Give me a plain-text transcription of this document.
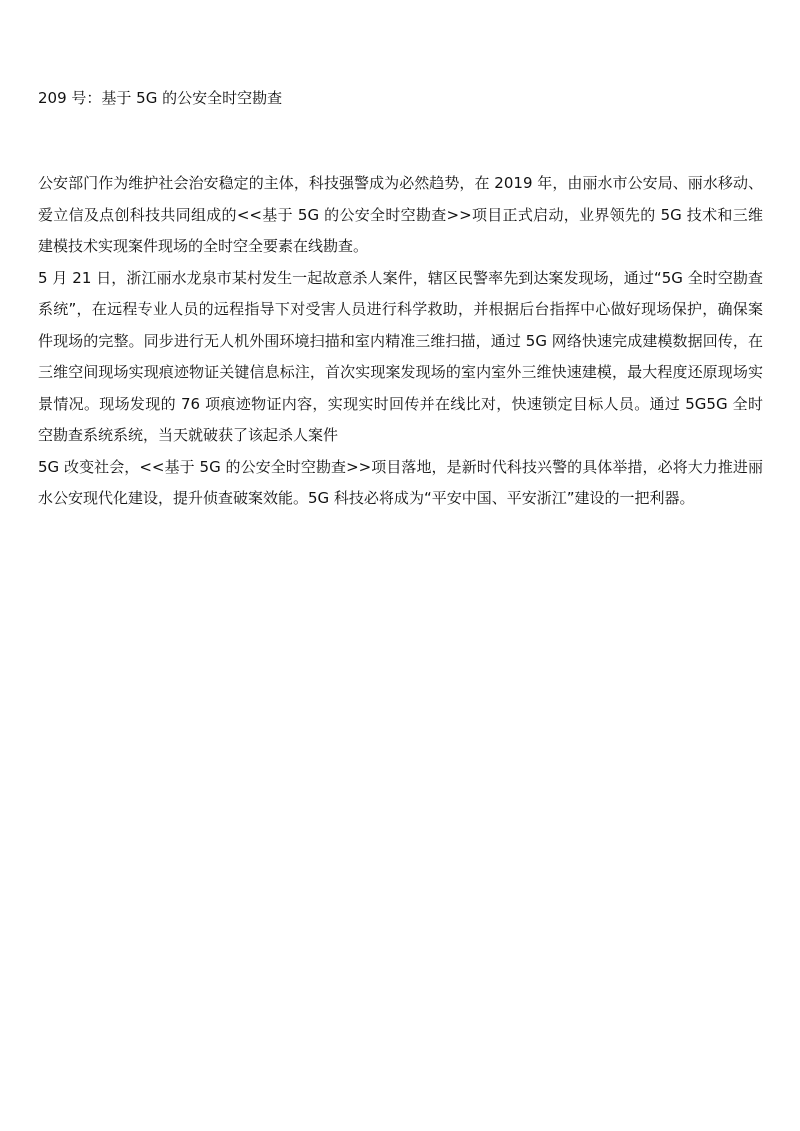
209 号：基于 5G 的公安全时空勘查

公安部门作为维护社会治安稳定的主体，科技强警成为必然趋势，在 2019 年，由丽水市公安局、丽水移动、爱立信及点创科技共同组成的<<基于 5G 的公安全时空勘查>>项目正式启动，业界领先的 5G 技术和三维建模技术实现案件现场的全时空全要素在线勘查。

5 月 21 日，浙江丽水龙泉市某村发生一起故意杀人案件，辖区民警率先到达案发现场，通过“5G 全时空勘查系统”，在远程专业人员的远程指导下对受害人员进行科学救助，并根据后台指挥中心做好现场保护，确保案件现场的完整。同步进行无人机外围环境扫描和室内精准三维扫描，通过 5G 网络快速完成建模数据回传，在三维空间现场实现痕迹物证关键信息标注，首次实现案发现场的室内室外三维快速建模，最大程度还原现场实景情况。现场发现的 76 项痕迹物证内容，实现实时回传并在线比对，快速锁定目标人员。通过 5G5G 全时空勘查系统系统，当天就破获了该起杀人案件

5G 改变社会，<<基于 5G 的公安全时空勘查>>项目落地，是新时代科技兴警的具体举措，必将大力推进丽水公安现代化建设，提升侦查破案效能。5G 科技必将成为“平安中国、平安浙江”建设的一把利器。
